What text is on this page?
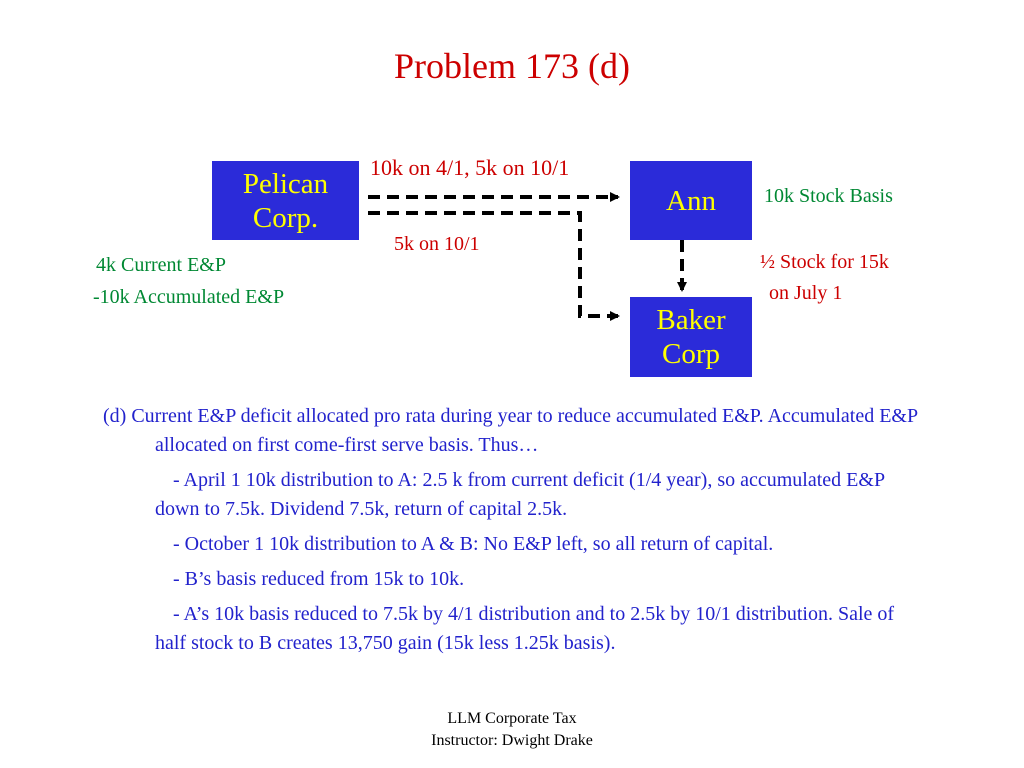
Problem 173 (d)
Pelican
Corp.
Ann
Baker
Corp
10k on 4/1, 5k on 10/1
5k on 10/1
10k Stock Basis
½ Stock for 15k
on July 1
4k Current E&P
-10k Accumulated E&P

(d) Current E&P deficit allocated pro rata during year to reduce accumulated E&P. Accumulated E&P allocated on first come-first serve basis. Thus…

- April 1 10k distribution to A: 2.5 k from current deficit (1/4 year), so accumulated E&P down to 7.5k. Dividend 7.5k, return of capital 2.5k.

- October 1 10k distribution to A & B: No E&P left, so all return of capital.

- B’s basis reduced from 15k to 10k.

- A’s 10k basis reduced to 7.5k by 4/1 distribution and to 2.5k by 10/1 distribution. Sale of half stock to B creates 13,750 gain (15k less 1.25k basis).

LLM Corporate Tax
Instructor: Dwight Drake
